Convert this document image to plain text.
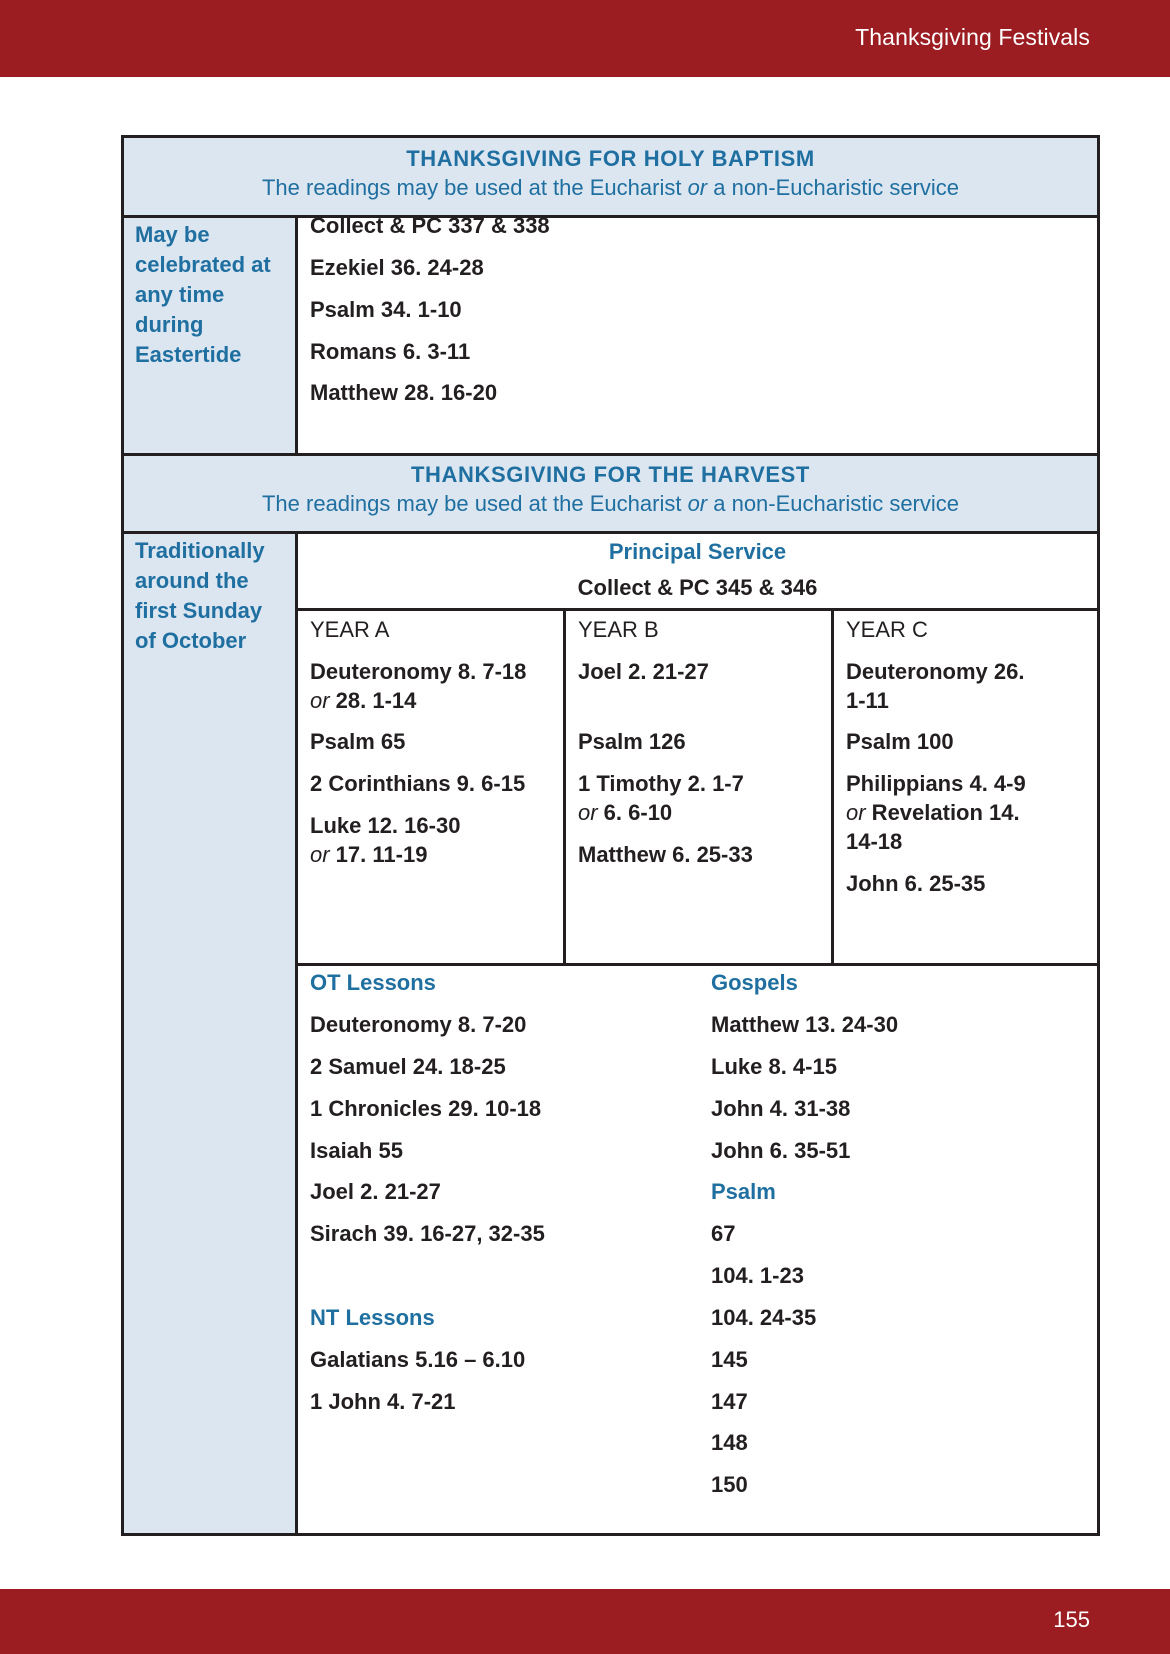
Thanksgiving Festivals
THANKSGIVING FOR HOLY BAPTISM
The readings may be used at the Eucharist or a non-Eucharistic service
May be celebrated at any time during Eastertide
Collect & PC 337 & 338
Ezekiel 36. 24-28
Psalm 34. 1-10
Romans 6. 3-11
Matthew 28. 16-20
THANKSGIVING FOR THE HARVEST
The readings may be used at the Eucharist or a non-Eucharistic service
Traditionally around the first Sunday of October
Principal Service
Collect & PC 345 & 346
YEAR A
Deuteronomy 8. 7-18
or 28. 1-14
Psalm 65
2 Corinthians 9. 6-15
Luke 12. 16-30
or 17. 11-19
YEAR B
Joel 2. 21-27
Psalm 126
1 Timothy 2. 1-7
or 6. 6-10
Matthew 6. 25-33
YEAR C
Deuteronomy 26.
1-11
Psalm 100
Philippians 4. 4-9
or Revelation 14.
14-18
John 6. 25-35
OT Lessons
Deuteronomy 8. 7-20
2 Samuel 24. 18-25
1 Chronicles 29. 10-18
Isaiah 55
Joel 2. 21-27
Sirach 39. 16-27, 32-35
NT Lessons
Galatians 5.16 – 6.10
1 John 4. 7-21
Gospels
Matthew 13. 24-30
Luke 8. 4-15
John 4. 31-38
John 6. 35-51
Psalm
67
104. 1-23
104. 24-35
145
147
148
150
155
